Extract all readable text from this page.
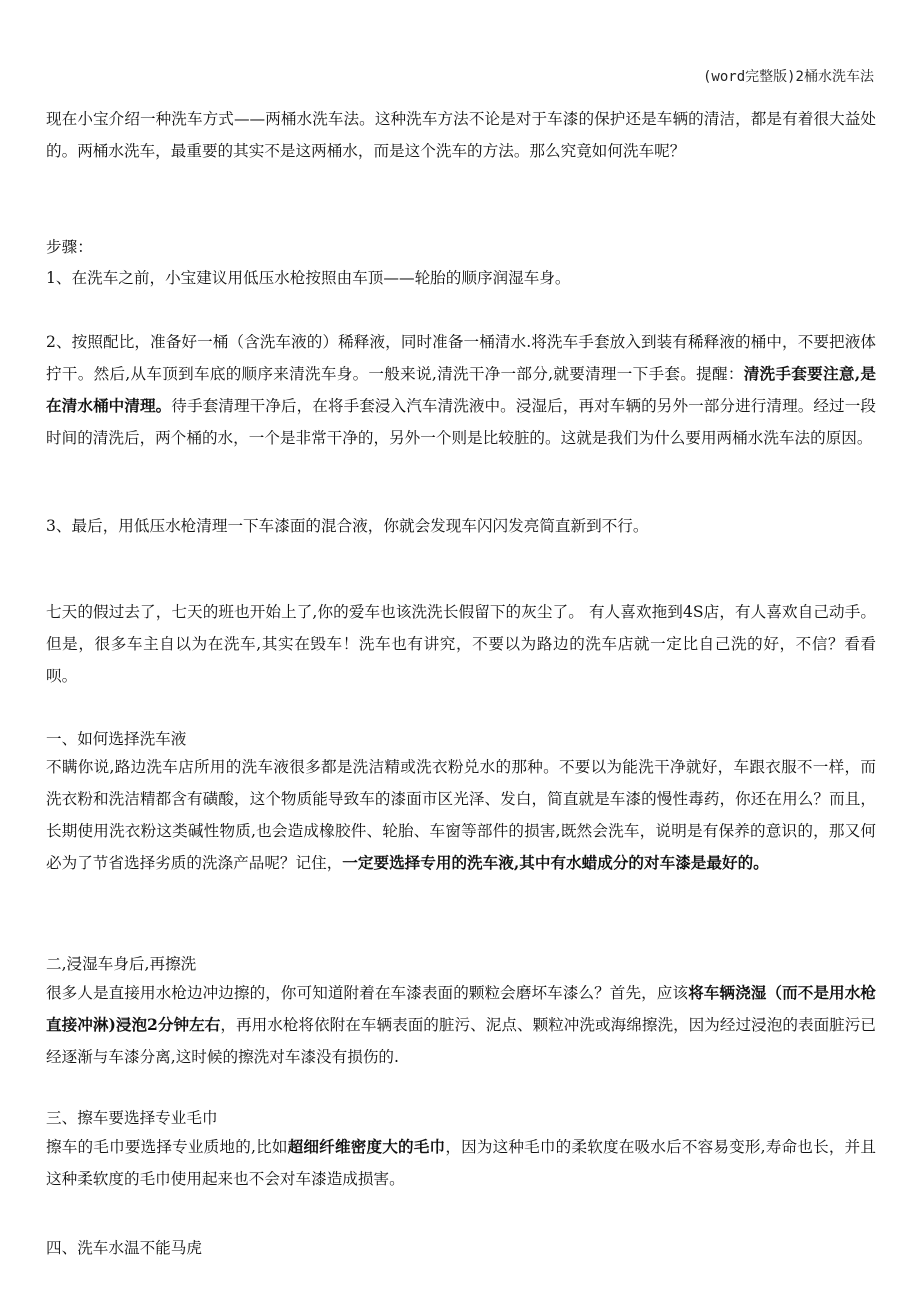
(word完整版)2桶水洗车法
现在小宝介绍一种洗车方式——两桶水洗车法。这种洗车方法不论是对于车漆的保护还是车辆的清洁，都是有着很大益处的。两桶水洗车，最重要的其实不是这两桶水，而是这个洗车的方法。那么究竟如何洗车呢？
步骤：
1、在洗车之前，小宝建议用低压水枪按照由车顶——轮胎的顺序润湿车身。
2、按照配比，准备好一桶（含洗车液的）稀释液，同时准备一桶清水.将洗车手套放入到装有稀释液的桶中，不要把液体拧干。然后,从车顶到车底的顺序来清洗车身。一般来说,清洗干净一部分,就要清理一下手套。提醒：清洗手套要注意,是在清水桶中清理。待手套清理干净后，在将手套浸入汽车清洗液中。浸湿后，再对车辆的另外一部分进行清理。经过一段时间的清洗后，两个桶的水，一个是非常干净的，另外一个则是比较脏的。这就是我们为什么要用两桶水洗车法的原因。
3、最后，用低压水枪清理一下车漆面的混合液，你就会发现车闪闪发亮简直新到不行。
七天的假过去了，七天的班也开始上了,你的爱车也该洗洗长假留下的灰尘了。 有人喜欢拖到4S店，有人喜欢自己动手。但是，很多车主自以为在洗车,其实在毁车！洗车也有讲究，不要以为路边的洗车店就一定比自己洗的好，不信？看看呗。
一、如何选择洗车液
不瞒你说,路边洗车店所用的洗车液很多都是洗洁精或洗衣粉兑水的那种。不要以为能洗干净就好，车跟衣服不一样，而洗衣粉和洗洁精都含有磺酸，这个物质能导致车的漆面市区光泽、发白，简直就是车漆的慢性毒药，你还在用么？而且，长期使用洗衣粉这类碱性物质,也会造成橡胶件、轮胎、车窗等部件的损害,既然会洗车，说明是有保养的意识的，那又何必为了节省选择劣质的洗涤产品呢？记住，一定要选择专用的洗车液,其中有水蜡成分的对车漆是最好的。
二,浸湿车身后,再擦洗
很多人是直接用水枪边冲边擦的，你可知道附着在车漆表面的颗粒会磨坏车漆么？首先，应该将车辆浇湿（而不是用水枪直接冲淋)浸泡2分钟左右，再用水枪将依附在车辆表面的脏污、泥点、颗粒冲洗或海绵擦洗，因为经过浸泡的表面脏污已经逐渐与车漆分离,这时候的擦洗对车漆没有损伤的.
三、擦车要选择专业毛巾
擦车的毛巾要选择专业质地的,比如超细纤维密度大的毛巾，因为这种毛巾的柔软度在吸水后不容易变形,寿命也长，并且这种柔软度的毛巾使用起来也不会对车漆造成损害。
四、洗车水温不能马虎
